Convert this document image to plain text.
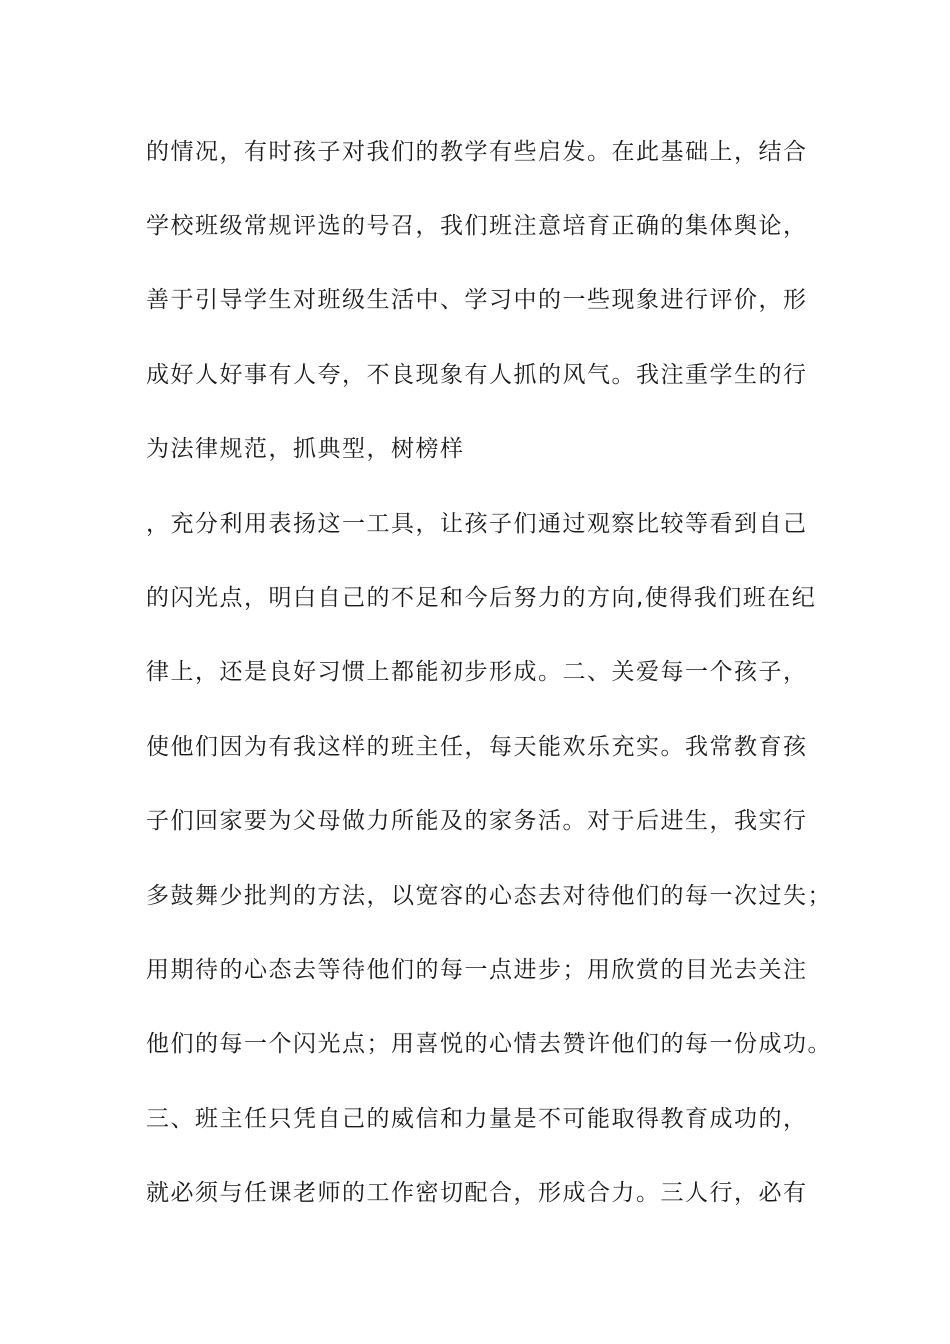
的情况，有时孩子对我们的教学有些启发。在此基础上，结合
学校班级常规评选的号召，我们班注意培育正确的集体舆论，
善于引导学生对班级生活中、学习中的一些现象进行评价，形
成好人好事有人夸，不良现象有人抓的风气。我注重学生的行
为法律规范，抓典型，树榜样
，充分利用表扬这一工具，让孩子们通过观察比较等看到自己
的闪光点，明白自己的不足和今后努力的方向,使得我们班在纪
律上，还是良好习惯上都能初步形成。二、关爱每一个孩子，
使他们因为有我这样的班主任，每天能欢乐充实。我常教育孩
子们回家要为父母做力所能及的家务活。对于后进生，我实行
多鼓舞少批判的方法，以宽容的心态去对待他们的每一次过失；
用期待的心态去等待他们的每一点进步；用欣赏的目光去关注
他们的每一个闪光点；用喜悦的心情去赞许他们的每一份成功。
三、班主任只凭自己的威信和力量是不可能取得教育成功的，
就必须与任课老师的工作密切配合，形成合力。三人行，必有
